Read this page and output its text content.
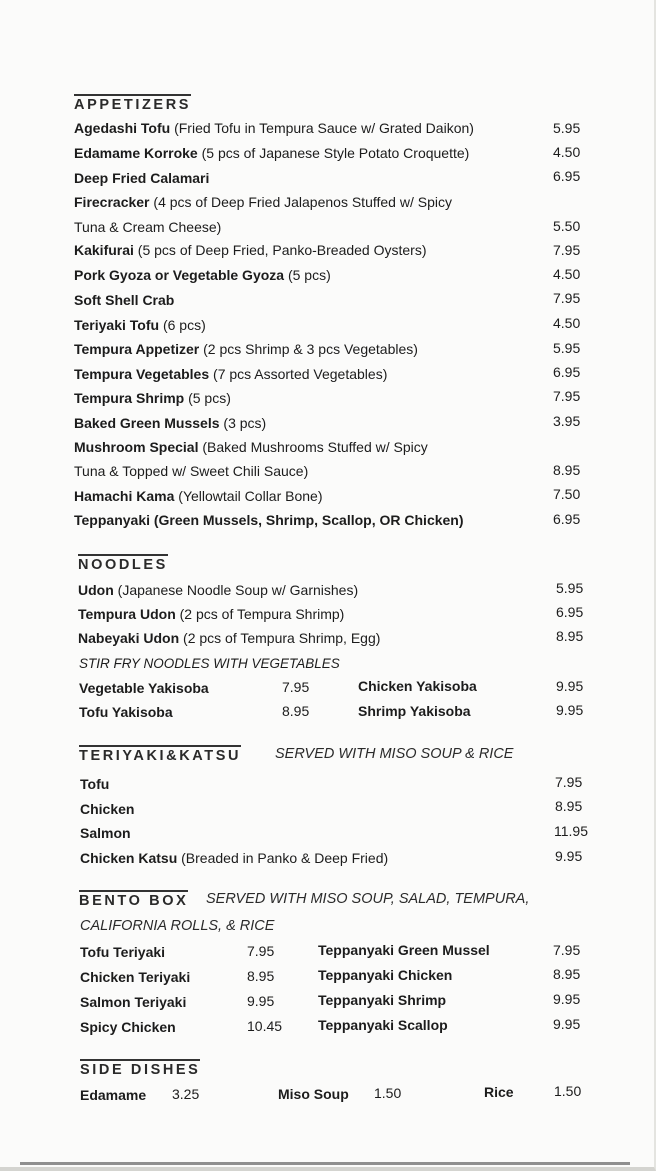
APPETIZERS
Agedashi Tofu (Fried Tofu in Tempura Sauce w/ Grated Daikon)	5.95
Edamame Korroke (5 pcs of Japanese Style Potato Croquette)	4.50
Deep Fried Calamari	6.95
Firecracker (4 pcs of Deep Fried Jalapenos Stuffed w/ Spicy
Tuna & Cream Cheese)	5.50
Kakifurai (5 pcs of Deep Fried, Panko-Breaded Oysters)	7.95
Pork Gyoza or Vegetable Gyoza (5 pcs)	4.50
Soft Shell Crab	7.95
Teriyaki Tofu (6 pcs)	4.50
Tempura Appetizer (2 pcs Shrimp & 3 pcs Vegetables)	5.95
Tempura Vegetables (7 pcs Assorted Vegetables)	6.95
Tempura Shrimp (5 pcs)	7.95
Baked Green Mussels (3 pcs)	3.95
Mushroom Special (Baked Mushrooms Stuffed w/ Spicy
Tuna & Topped w/ Sweet Chili Sauce)	8.95
Hamachi Kama (Yellowtail Collar Bone)	7.50
Teppanyaki (Green Mussels, Shrimp, Scallop, OR Chicken)	6.95
NOODLES
Udon (Japanese Noodle Soup w/ Garnishes)	5.95
Tempura Udon (2 pcs of Tempura Shrimp)	6.95
Nabeyaki Udon (2 pcs of Tempura Shrimp, Egg)	8.95
STIR FRY NOODLES WITH VEGETABLES
Vegetable Yakisoba	7.95	Chicken Yakisoba	9.95
Tofu Yakisoba	8.95	Shrimp Yakisoba	9.95
TERIYAKI&KATSU SERVED WITH MISO SOUP & RICE
Tofu	7.95
Chicken	8.95
Salmon	11.95
Chicken Katsu (Breaded in Panko & Deep Fried)	9.95
BENTO BOX SERVED WITH MISO SOUP, SALAD, TEMPURA,
CALIFORNIA ROLLS, & RICE
Tofu Teriyaki	7.95	Teppanyaki Green Mussel	7.95
Chicken Teriyaki	8.95	Teppanyaki Chicken	8.95
Salmon Teriyaki	9.95	Teppanyaki Shrimp	9.95
Spicy Chicken	10.45	Teppanyaki Scallop	9.95
SIDE DISHES
Edamame 3.25	Miso Soup 1.50	Rice	1.50
